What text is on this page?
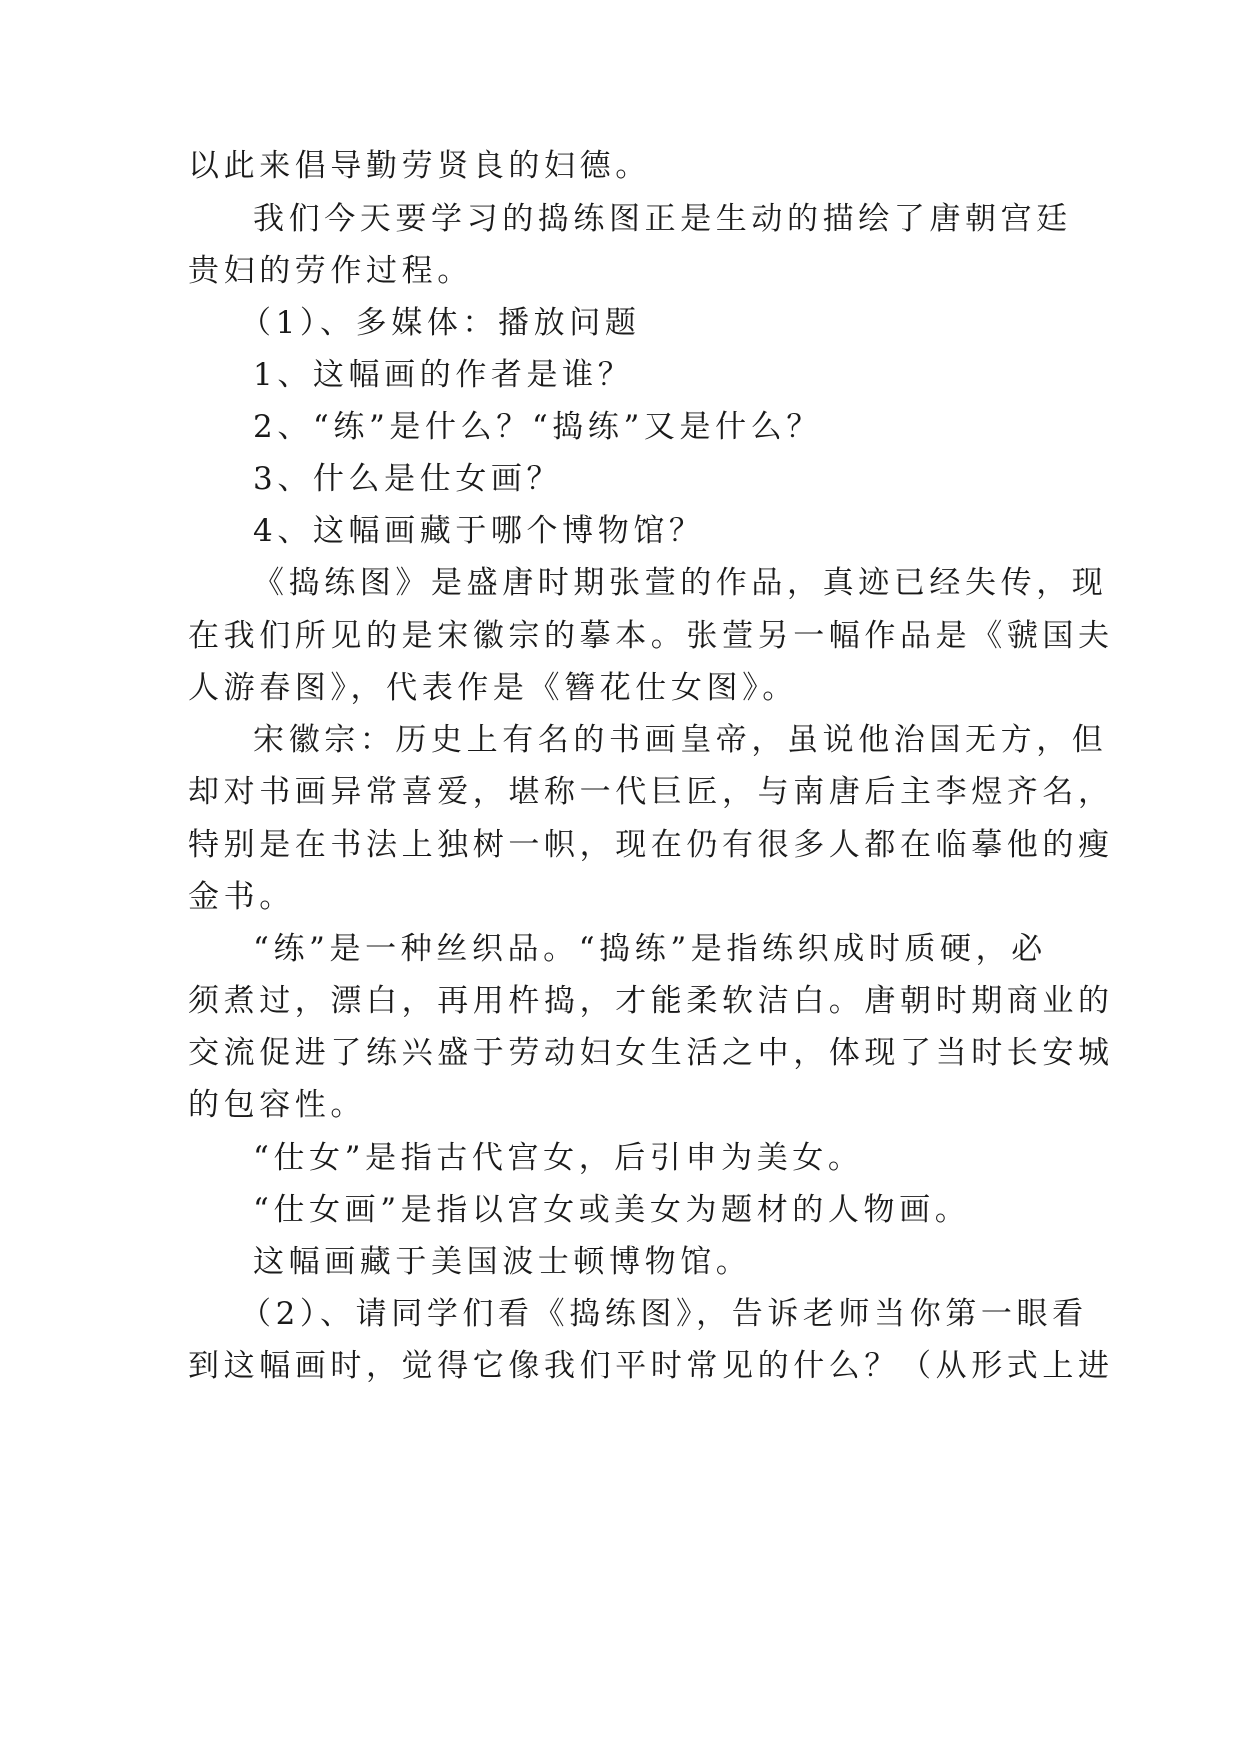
以此来倡导勤劳贤良的妇德。
我们今天要学习的捣练图正是生动的描绘了唐朝宫廷
贵妇的劳作过程。
（1）、多媒体：播放问题
1、这幅画的作者是谁？
2、“练”是什么？“捣练”又是什么？
3、什么是仕女画？
4、这幅画藏于哪个博物馆？
《捣练图》是盛唐时期张萱的作品，真迹已经失传，现
在我们所见的是宋徽宗的摹本。张萱另一幅作品是《虢国夫
人游春图》，代表作是《簪花仕女图》。
宋徽宗：历史上有名的书画皇帝，虽说他治国无方，但
却对书画异常喜爱，堪称一代巨匠，与南唐后主李煜齐名，
特别是在书法上独树一帜，现在仍有很多人都在临摹他的瘦
金书。
“练”是一种丝织品。“捣练”是指练织成时质硬，必
须煮过，漂白，再用杵捣，才能柔软洁白。唐朝时期商业的
交流促进了练兴盛于劳动妇女生活之中，体现了当时长安城
的包容性。
“仕女”是指古代宫女，后引申为美女。
“仕女画”是指以宫女或美女为题材的人物画。
这幅画藏于美国波士顿博物馆。
（2）、请同学们看《捣练图》，告诉老师当你第一眼看
到这幅画时，觉得它像我们平时常见的什么？（从形式上进
